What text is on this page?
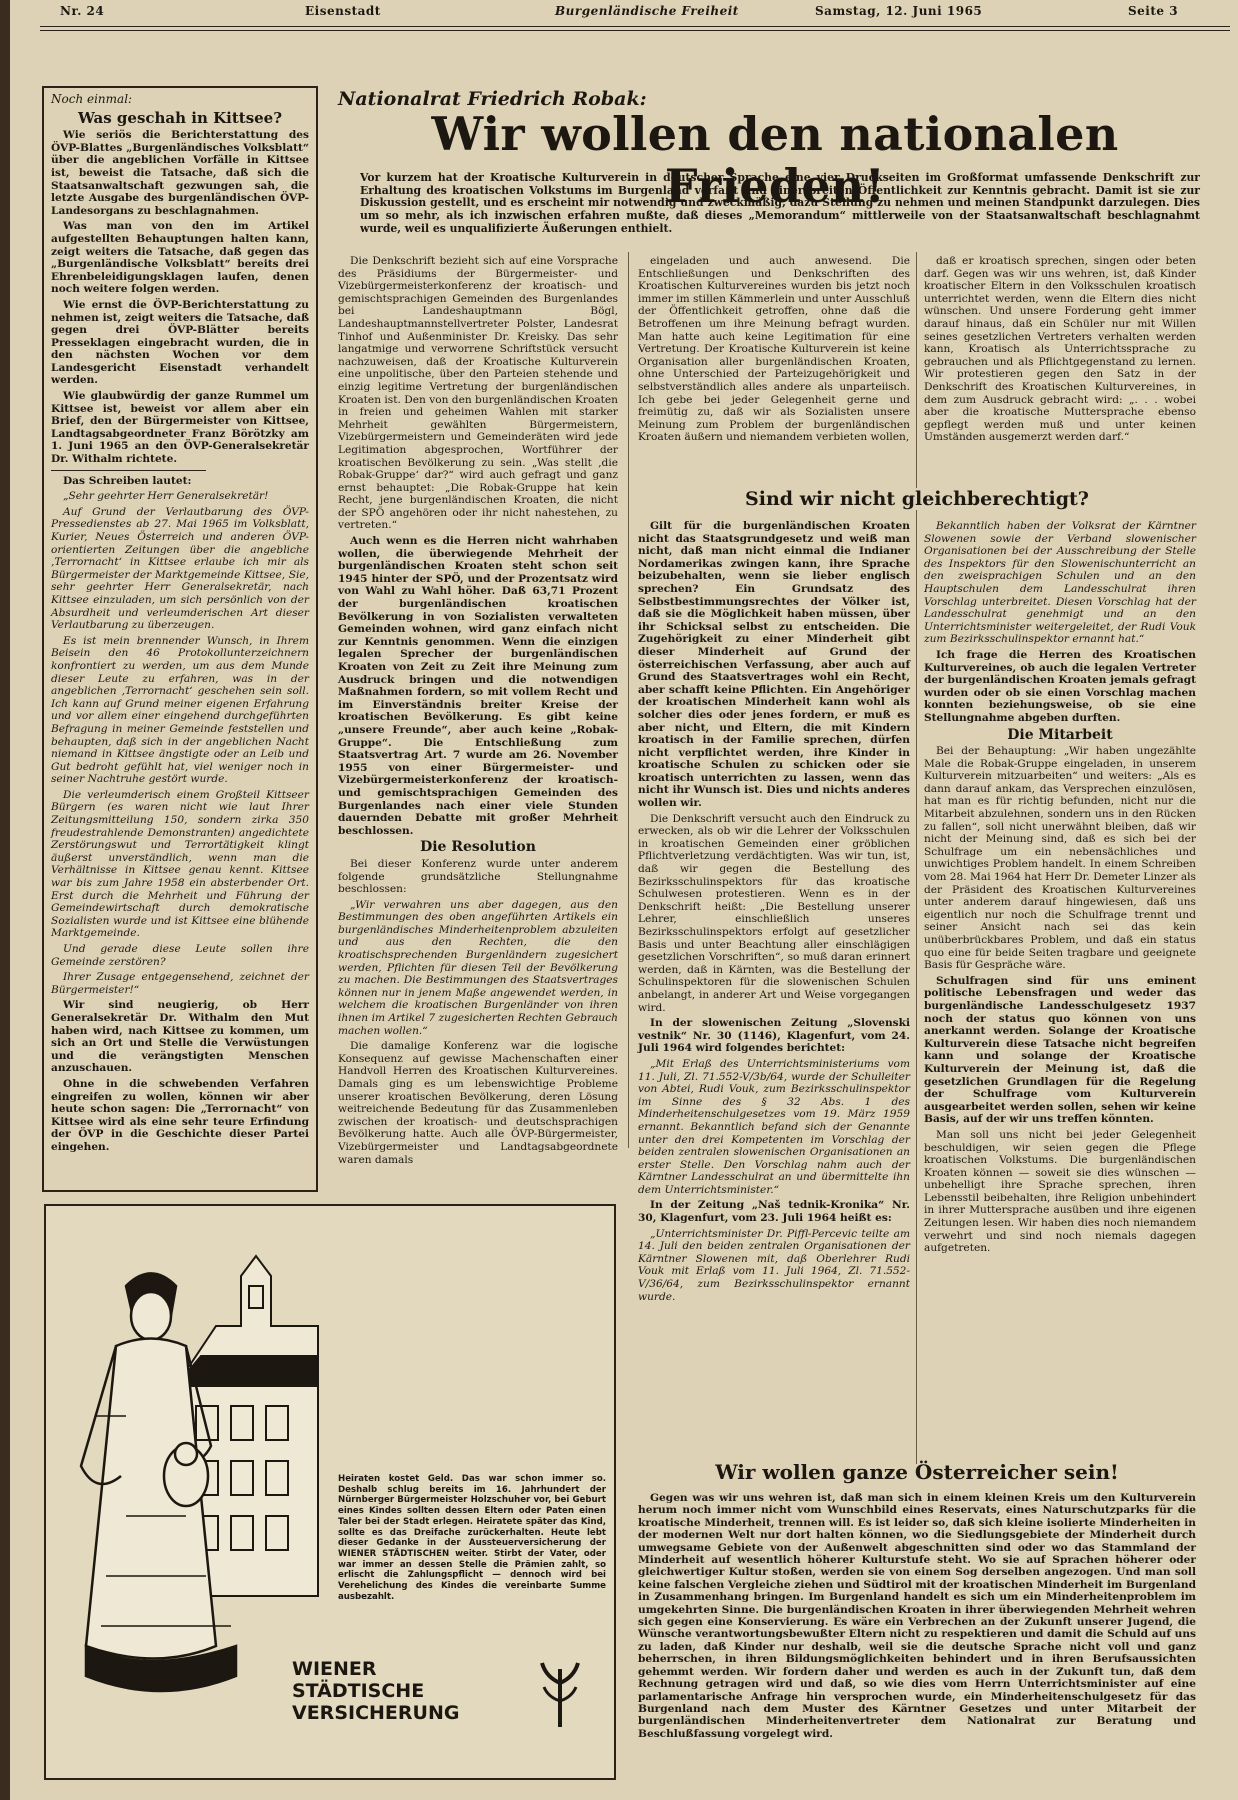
Nr. 24	Eisenstadt	Burgenländische Freiheit	Samstag, 12. Juni 1965	Seite 3
Noch einmal:
Was geschah in Kittsee?

Wie seriös die Berichterstattung des ÖVP-Blattes „Burgenländisches Volksblatt“ über die angeblichen Vorfälle in Kittsee ist, beweist die Tatsache, daß sich die Staatsanwaltschaft gezwungen sah, die letzte Ausgabe des burgenländischen ÖVP-Landesorgans zu beschlagnahmen.

Was man von den im Artikel aufgestellten Behauptungen halten kann, zeigt weiters die Tatsache, daß gegen das „Burgenländische Volksblatt“ bereits drei Ehrenbeleidigungsklagen laufen, denen noch weitere folgen werden.

Wie ernst die ÖVP-Berichterstattung zu nehmen ist, zeigt weiters die Tatsache, daß gegen drei ÖVP-Blätter bereits Presseklagen eingebracht wurden, die in den nächsten Wochen vor dem Landesgericht Eisenstadt verhandelt werden.

Wie glaubwürdig der ganze Rummel um Kittsee ist, beweist vor allem aber ein Brief, den der Bürgermeister von Kittsee, Landtagsabgeordneter Franz Börötzky am 1. Juni 1965 an den ÖVP-Generalsekretär Dr. Withalm richtete.

Das Schreiben lautet:

„Sehr geehrter Herr Generalsekretär!

Auf Grund der Verlautbarung des ÖVP-Pressedienstes ab 27. Mai 1965 im Volksblatt, Kurier, Neues Österreich und anderen ÖVP-orientierten Zeitungen über die angebliche ‚Terrornacht‘ in Kittsee erlaube ich mir als Bürgermeister der Marktgemeinde Kittsee, Sie, sehr geehrter Herr Generalsekretär, nach Kittsee einzuladen, um sich persönlich von der Absurdheit und verleumderischen Art dieser Verlautbarung zu überzeugen.

Es ist mein brennender Wunsch, in Ihrem Beisein den 46 Protokollunterzeichnern konfrontiert zu werden, um aus dem Munde dieser Leute zu erfahren, was in der angeblichen ‚Terrornacht‘ geschehen sein soll. Ich kann auf Grund meiner eigenen Erfahrung und vor allem einer eingehend durchgeführten Befragung in meiner Gemeinde feststellen und behaupten, daß sich in der angeblichen Nacht niemand in Kittsee ängstigte oder an Leib und Gut bedroht gefühlt hat, viel weniger noch in seiner Nachtruhe gestört wurde.

Die verleumderisch einem Großteil Kittseer Bürgern (es waren nicht wie laut Ihrer Zeitungsmitteilung 150, sondern zirka 350 freudestrahlende Demonstranten) angedichtete Zerstörungswut und Terrortätigkeit klingt äußerst unverständlich, wenn man die Verhältnisse in Kittsee genau kennt. Kittsee war bis zum Jahre 1958 ein absterbender Ort. Erst durch die Mehrheit und Führung der Gemeindewirtschaft durch demokratische Sozialisten wurde und ist Kittsee eine blühende Marktgemeinde.

Und gerade diese Leute sollen ihre Gemeinde zerstören?

Ihrer Zusage entgegensehend, zeichnet der Bürgermeister!“

Wir sind neugierig, ob Herr Generalsekretär Dr. Withalm den Mut haben wird, nach Kittsee zu kommen, um sich an Ort und Stelle die Verwüstungen und die verängstigten Menschen anzuschauen.

Ohne in die schwebenden Verfahren eingreifen zu wollen, können wir aber heute schon sagen: Die „Terrornacht“ von Kittsee wird als eine sehr teure Erfindung der ÖVP in die Geschichte dieser Partei eingehen.

Nationalrat Friedrich Robak:
Wir wollen den nationalen Frieden!

Vor kurzem hat der Kroatische Kulturverein in deutscher Sprache eine vier Druckseiten im Großformat umfassende Denkschrift zur Erhaltung des kroatischen Volkstums im Burgenland verfaßt und einer breiten Öffentlichkeit zur Kenntnis gebracht. Damit ist sie zur Diskussion gestellt, und es erscheint mir notwendig und zweckmäßig, dazu Stellung zu nehmen und meinen Standpunkt darzulegen. Dies um so mehr, als ich inzwischen erfahren mußte, daß dieses „Memorandum“ mittlerweile von der Staatsanwaltschaft beschlagnahmt wurde, weil es unqualifizierte Äußerungen enthielt.

Die Denkschrift bezieht sich auf eine Vorsprache des Präsidiums der Bürgermeister- und Vizebürgermeisterkonferenz der kroatisch- und gemischtsprachigen Gemeinden des Burgenlandes bei Landeshauptmann Bögl, Landeshauptmannstellvertreter Polster, Landesrat Tinhof und Außenminister Dr. Kreisky. Das sehr langatmige und verworrene Schriftstück versucht nachzuweisen, daß der Kroatische Kulturverein eine unpolitische, über den Parteien stehende und einzig legitime Vertretung der burgenländischen Kroaten ist. Den von den burgenländischen Kroaten in freien und geheimen Wahlen mit starker Mehrheit gewählten Bürgermeistern, Vizebürgermeistern und Gemeinderäten wird jede Legitimation abgesprochen, Wortführer der kroatischen Bevölkerung zu sein. „Was stellt ‚die Robak-Gruppe‘ dar?“ wird auch gefragt und ganz ernst behauptet: „Die Robak-Gruppe hat kein Recht, jene burgenländischen Kroaten, die nicht der SPÖ angehören oder ihr nicht nahestehen, zu vertreten.“

Auch wenn es die Herren nicht wahrhaben wollen, die überwiegende Mehrheit der burgenländischen Kroaten steht schon seit 1945 hinter der SPÖ, und der Prozentsatz wird von Wahl zu Wahl höher. Daß 63,71 Prozent der burgenländischen kroatischen Bevölkerung in von Sozialisten verwalteten Gemeinden wohnen, wird ganz einfach nicht zur Kenntnis genommen. Wenn die einzigen legalen Sprecher der burgenländischen Kroaten von Zeit zu Zeit ihre Meinung zum Ausdruck bringen und die notwendigen Maßnahmen fordern, so mit vollem Recht und im Einverständnis breiter Kreise der kroatischen Bevölkerung. Es gibt keine „unsere Freunde“, aber auch keine „Robak-Gruppe“. Die Entschließung zum Staatsvertrag Art. 7 wurde am 26. November 1955 von einer Bürgermeister- und Vizebürgermeisterkonferenz der kroatisch- und gemischtsprachigen Gemeinden des Burgenlandes nach einer viele Stunden dauernden Debatte mit großer Mehrheit beschlossen.

Die Resolution

Bei dieser Konferenz wurde unter anderem folgende grundsätzliche Stellungnahme beschlossen:

„Wir verwahren uns aber dagegen, aus den Bestimmungen des oben angeführten Artikels ein burgenländisches Minderheitenproblem abzuleiten und aus den Rechten, die den kroatischsprechenden Burgenländern zugesichert werden, Pflichten für diesen Teil der Bevölkerung zu machen. Die Bestimmungen des Staatsvertrages können nur in jenem Maße angewendet werden, in welchem die kroatischen Burgenländer von ihren ihnen im Artikel 7 zugesicherten Rechten Gebrauch machen wollen.“

Die damalige Konferenz war die logische Konsequenz auf gewisse Machenschaften einer Handvoll Herren des Kroatischen Kulturvereines. Damals ging es um lebenswichtige Probleme unserer kroatischen Bevölkerung, deren Lösung weitreichende Bedeutung für das Zusammenleben zwischen der kroatisch- und deutschsprachigen Bevölkerung hatte. Auch alle ÖVP-Bürgermeister, Vizebürgermeister und Landtagsabgeordnete waren damals

eingeladen und auch anwesend. Die Entschließungen und Denkschriften des Kroatischen Kulturvereines wurden bis jetzt noch immer im stillen Kämmerlein und unter Ausschluß der Öffentlichkeit getroffen, ohne daß die Betroffenen um ihre Meinung befragt wurden. Man hatte auch keine Legitimation für eine Vertretung. Der Kroatische Kulturverein ist keine Organisation aller burgenländischen Kroaten, ohne Unterschied der Parteizugehörigkeit und selbstverständlich alles andere als unparteiisch. Ich gebe bei jeder Gelegenheit gerne und freimütig zu, daß wir als Sozialisten unsere Meinung zum Problem der burgenländischen Kroaten äußern und niemandem verbieten wollen,

daß er kroatisch sprechen, singen oder beten darf. Gegen was wir uns wehren, ist, daß Kinder kroatischer Eltern in den Volksschulen kroatisch unterrichtet werden, wenn die Eltern dies nicht wünschen. Und unsere Forderung geht immer darauf hinaus, daß ein Schüler nur mit Willen seines gesetzlichen Vertreters verhalten werden kann, Kroatisch als Unterrichtssprache zu gebrauchen und als Pflichtgegenstand zu lernen. Wir protestieren gegen den Satz in der Denkschrift des Kroatischen Kulturvereines, in dem zum Ausdruck gebracht wird: „. . . wobei aber die kroatische Muttersprache ebenso gepflegt werden muß und unter keinen Umständen ausgemerzt werden darf.“

Sind wir nicht gleichberechtigt?

Gilt für die burgenländischen Kroaten nicht das Staatsgrundgesetz und weiß man nicht, daß man nicht einmal die Indianer Nordamerikas zwingen kann, ihre Sprache beizubehalten, wenn sie lieber englisch sprechen? Ein Grundsatz des Selbstbestimmungsrechtes der Völker ist, daß sie die Möglichkeit haben müssen, über ihr Schicksal selbst zu entscheiden. Die Zugehörigkeit zu einer Minderheit gibt dieser Minderheit auf Grund der österreichischen Verfassung, aber auch auf Grund des Staatsvertrages wohl ein Recht, aber schafft keine Pflichten. Ein Angehöriger der kroatischen Minderheit kann wohl als solcher dies oder jenes fordern, er muß es aber nicht, und Eltern, die mit Kindern kroatisch in der Familie sprechen, dürfen nicht verpflichtet werden, ihre Kinder in kroatische Schulen zu schicken oder sie kroatisch unterrichten zu lassen, wenn das nicht ihr Wunsch ist. Dies und nichts anderes wollen wir.

Die Denkschrift versucht auch den Eindruck zu erwecken, als ob wir die Lehrer der Volksschulen in kroatischen Gemeinden einer gröblichen Pflichtverletzung verdächtigten. Was wir tun, ist, daß wir gegen die Bestellung des Bezirksschulinspektors für das kroatische Schulwesen protestieren. Wenn es in der Denkschrift heißt: „Die Bestellung unserer Lehrer, einschließlich unseres Bezirksschulinspektors erfolgt auf gesetzlicher Basis und unter Beachtung aller einschlägigen gesetzlichen Vorschriften“, so muß daran erinnert werden, daß in Kärnten, was die Bestellung der Schulinspektoren für die slowenischen Schulen anbelangt, in anderer Art und Weise vorgegangen wird.

In der slowenischen Zeitung „Slovenski vestnik“ Nr. 30 (1146), Klagenfurt, vom 24. Juli 1964 wird folgendes berichtet:

„Mit Erlaß des Unterrichtsministeriums vom 11. Juli, Zl. 71.552-V/3b/64, wurde der Schulleiter von Abtei, Rudi Vouk, zum Bezirksschulinspektor im Sinne des § 32 Abs. 1 des Minderheitenschulgesetzes vom 19. März 1959 ernannt. Bekanntlich befand sich der Genannte unter den drei Kompetenten im Vorschlag der beiden zentralen slowenischen Organisationen an erster Stelle. Den Vorschlag nahm auch der Kärntner Landesschulrat an und übermittelte ihn dem Unterrichtsminister.“

In der Zeitung „Naš tednik-Kronika“ Nr. 30, Klagenfurt, vom 23. Juli 1964 heißt es:

„Unterrichtsminister Dr. Piffl-Percevic teilte am 14. Juli den beiden zentralen Organisationen der Kärntner Slowenen mit, daß Oberlehrer Rudi Vouk mit Erlaß vom 11. Juli 1964, Zl. 71.552-V/36/64, zum Bezirksschulinspektor ernannt wurde.

Bekanntlich haben der Volksrat der Kärntner Slowenen sowie der Verband slowenischer Organisationen bei der Ausschreibung der Stelle des Inspektors für den Slowenischunterricht an den zweisprachigen Schulen und an den Hauptschulen dem Landesschulrat ihren Vorschlag unterbreitet. Diesen Vorschlag hat der Landesschulrat genehmigt und an den Unterrichtsminister weitergeleitet, der Rudi Vouk zum Bezirksschulinspektor ernannt hat.“

Ich frage die Herren des Kroatischen Kulturvereines, ob auch die legalen Vertreter der burgenländischen Kroaten jemals gefragt wurden oder ob sie einen Vorschlag machen konnten beziehungsweise, ob sie eine Stellungnahme abgeben durften.

Die Mitarbeit

Bei der Behauptung: „Wir haben ungezählte Male die Robak-Gruppe eingeladen, in unserem Kulturverein mitzuarbeiten“ und weiters: „Als es dann darauf ankam, das Versprechen einzulösen, hat man es für richtig befunden, nicht nur die Mitarbeit abzulehnen, sondern uns in den Rücken zu fallen“, soll nicht unerwähnt bleiben, daß wir nicht der Meinung sind, daß es sich bei der Schulfrage um ein nebensächliches und unwichtiges Problem handelt. In einem Schreiben vom 28. Mai 1964 hat Herr Dr. Demeter Linzer als der Präsident des Kroatischen Kulturvereines unter anderem darauf hingewiesen, daß uns eigentlich nur noch die Schulfrage trennt und seiner Ansicht nach sei das kein unüberbrückbares Problem, und daß ein status quo eine für beide Seiten tragbare und geeignete Basis für Gespräche wäre.

Schulfragen sind für uns eminent politische Lebensfragen und weder das burgenländische Landesschulgesetz 1937 noch der status quo können von uns anerkannt werden. Solange der Kroatische Kulturverein diese Tatsache nicht begreifen kann und solange der Kroatische Kulturverein der Meinung ist, daß die gesetzlichen Grundlagen für die Regelung der Schulfrage vom Kulturverein ausgearbeitet werden sollen, sehen wir keine Basis, auf der wir uns treffen könnten.

Man soll uns nicht bei jeder Gelegenheit beschuldigen, wir seien gegen die Pflege kroatischen Volkstums. Die burgenländischen Kroaten können — soweit sie dies wünschen — unbehelligt ihre Sprache sprechen, ihren Lebensstil beibehalten, ihre Religion unbehindert in ihrer Muttersprache ausüben und ihre eigenen Zeitungen lesen. Wir haben dies noch niemandem verwehrt und sind noch niemals dagegen aufgetreten.

Wir wollen ganze Österreicher sein!

Gegen was wir uns wehren ist, daß man sich in einem kleinen Kreis um den Kulturverein herum noch immer nicht vom Wunschbild eines Reservats, eines Naturschutzparks für die kroatische Minderheit, trennen will. Es ist leider so, daß sich kleine isolierte Minderheiten in der modernen Welt nur dort halten können, wo die Siedlungsgebiete der Minderheit durch umwegsame Gebiete von der Außenwelt abgeschnitten sind oder wo das Stammland der Minderheit auf wesentlich höherer Kulturstufe steht. Wo sie auf Sprachen höherer oder gleichwertiger Kultur stoßen, werden sie von einem Sog derselben angezogen. Und man soll keine falschen Vergleiche ziehen und Südtirol mit der kroatischen Minderheit im Burgenland in Zusammenhang bringen. Im Burgenland handelt es sich um ein Minderheitenproblem im umgekehrten Sinne. Die burgenländischen Kroaten in ihrer überwiegenden Mehrheit wehren sich gegen eine Konservierung. Es wäre ein Verbrechen an der Zukunft unserer Jugend, die Wünsche verantwortungsbewußter Eltern nicht zu respektieren und damit die Schuld auf uns zu laden, daß Kinder nur deshalb, weil sie die deutsche Sprache nicht voll und ganz beherrschen, in ihren Bildungsmöglichkeiten behindert und in ihren Berufsaussichten gehemmt werden. Wir fordern daher und werden es auch in der Zukunft tun, daß dem Rechnung getragen wird und daß, so wie dies vom Herrn Unterrichtsminister auf eine parlamentarische Anfrage hin versprochen wurde, ein Minderheitenschulgesetz für das Burgenland nach dem Muster des Kärntner Gesetzes und unter Mitarbeit der burgenländischen Minderheitenvertreter dem Nationalrat zur Beratung und Beschlußfassung vorgelegt wird.

Heiraten kostet Geld. Das war schon immer so. Deshalb schlug bereits im 16. Jahrhundert der Nürnberger Bürgermeister Holzschuher vor, bei Geburt eines Kindes sollten dessen Eltern oder Paten einen Taler bei der Stadt erlegen. Heiratete später das Kind, sollte es das Dreifache zurückerhalten. Heute lebt dieser Gedanke in der Aussteuerversicherung der WIENER STÄDTISCHEN weiter. Stirbt der Vater, oder war immer an dessen Stelle die Prämien zahlt, so erlischt die Zahlungspflicht — dennoch wird bei Verehelichung des Kindes die vereinbarte Summe ausbezahlt.
WIENER
STÄDTISCHE
VERSICHERUNG
